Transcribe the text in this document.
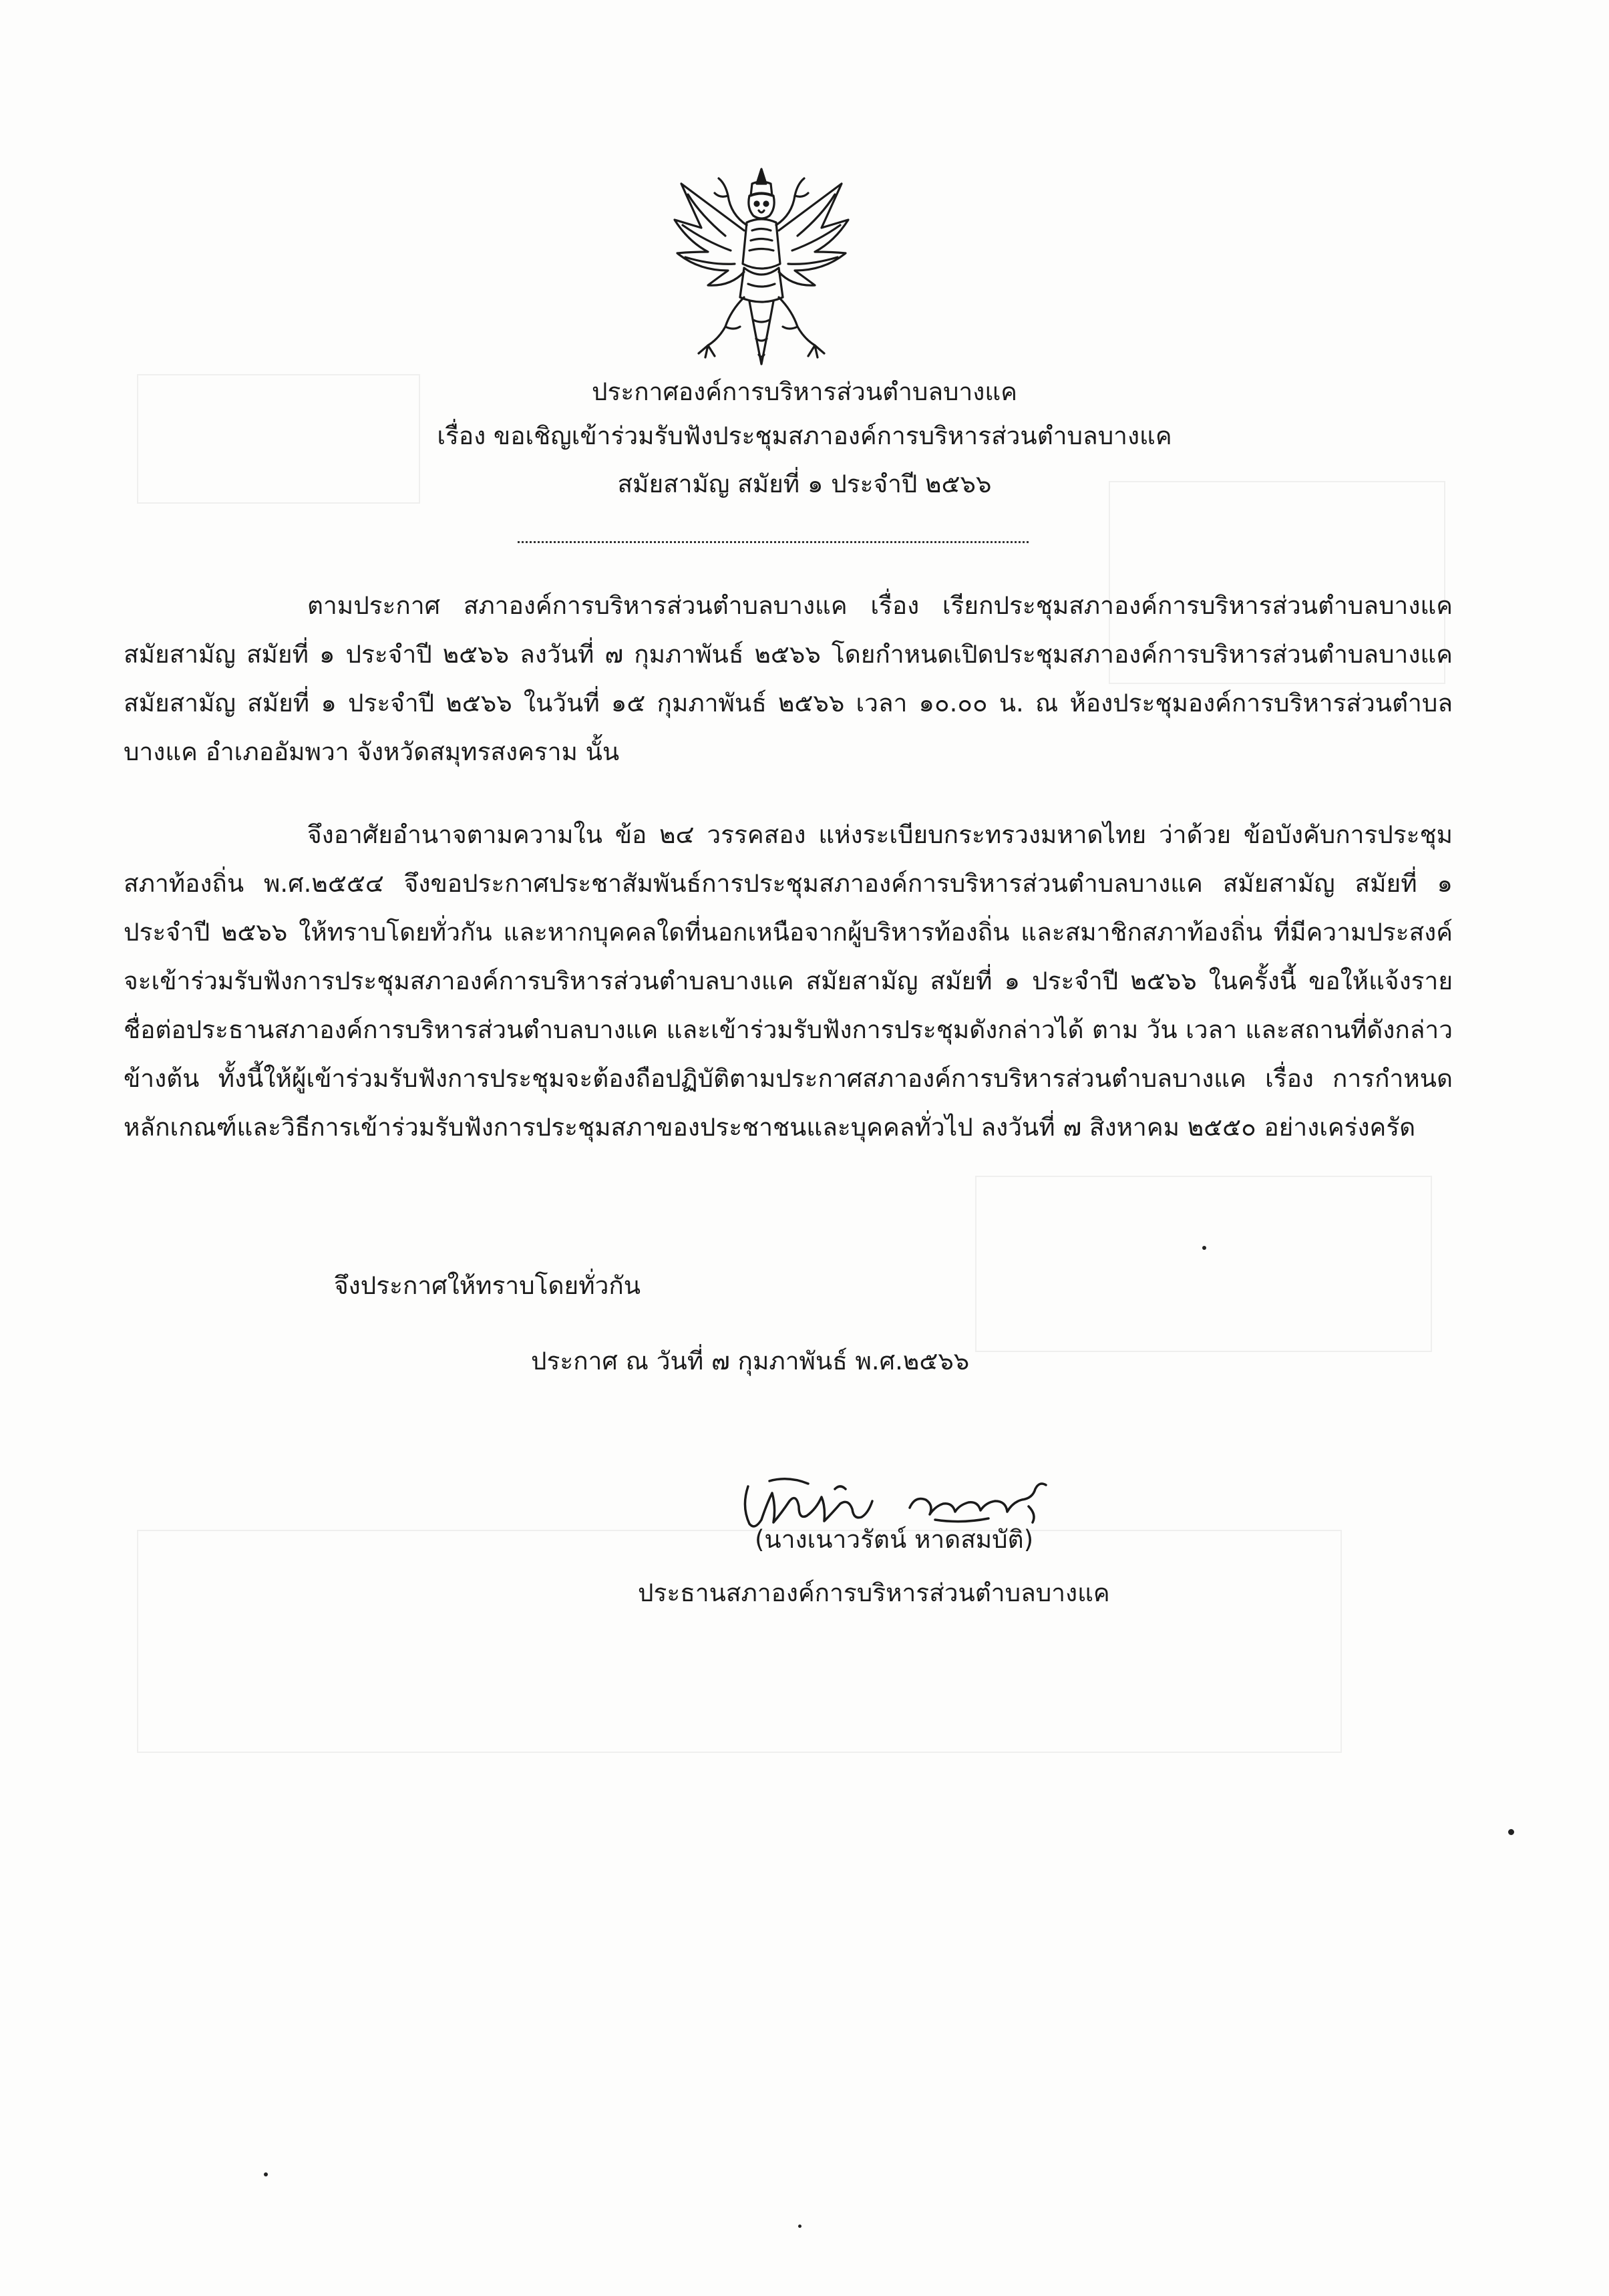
ประกาศองค์การบริหารส่วนตำบลบางแค
เรื่อง ขอเชิญเข้าร่วมรับฟังประชุมสภาองค์การบริหารส่วนตำบลบางแค
สมัยสามัญ สมัยที่ ๑ ประจำปี ๒๕๖๖
ตามประกาศ สภาองค์การบริหารส่วนตำบลบางแค เรื่อง เรียกประชุมสภาองค์การบริหารส่วนตำบลบางแค สมัยสามัญ สมัยที่ ๑ ประจำปี ๒๕๖๖ ลงวันที่ ๗ กุมภาพันธ์ ๒๕๖๖ โดยกำหนดเปิดประชุมสภาองค์การบริหารส่วนตำบลบางแค สมัยสามัญ สมัยที่ ๑ ประจำปี ๒๕๖๖ ในวันที่ ๑๕ กุมภาพันธ์ ๒๕๖๖ เวลา ๑๐.๐๐ น. ณ ห้องประชุมองค์การบริหารส่วนตำบลบางแค อำเภออัมพวา จังหวัดสมุทรสงคราม นั้น
จึงอาศัยอำนาจตามความใน ข้อ ๒๔ วรรคสอง แห่งระเบียบกระทรวงมหาดไทย ว่าด้วย ข้อบังคับการประชุมสภาท้องถิ่น พ.ศ.๒๕๕๔ จึงขอประกาศประชาสัมพันธ์การประชุมสภาองค์การบริหารส่วนตำบลบางแค สมัยสามัญ สมัยที่ ๑ ประจำปี ๒๕๖๖ ให้ทราบโดยทั่วกัน และหากบุคคลใดที่นอกเหนือจากผู้บริหารท้องถิ่น และสมาชิกสภาท้องถิ่น ที่มีความประสงค์จะเข้าร่วมรับฟังการประชุมสภาองค์การบริหารส่วนตำบลบางแค สมัยสามัญ สมัยที่ ๑ ประจำปี ๒๕๖๖ ในครั้งนี้ ขอให้แจ้งรายชื่อต่อประธานสภาองค์การบริหารส่วนตำบลบางแค และเข้าร่วมรับฟังการประชุมดังกล่าวได้ ตาม วัน เวลา และสถานที่ดังกล่าวข้างต้น ทั้งนี้ให้ผู้เข้าร่วมรับฟังการประชุมจะต้องถือปฏิบัติตามประกาศสภาองค์การบริหารส่วนตำบลบางแค เรื่อง การกำหนดหลักเกณฑ์และวิธีการเข้าร่วมรับฟังการประชุมสภาของประชาชนและบุคคลทั่วไป ลงวันที่ ๗ สิงหาคม ๒๕๕๐ อย่างเคร่งครัด
จึงประกาศให้ทราบโดยทั่วกัน
ประกาศ ณ วันที่ ๗ กุมภาพันธ์ พ.ศ.๒๕๖๖
(นางเนาวรัตน์ หาดสมบัติ)
ประธานสภาองค์การบริหารส่วนตำบลบางแค
